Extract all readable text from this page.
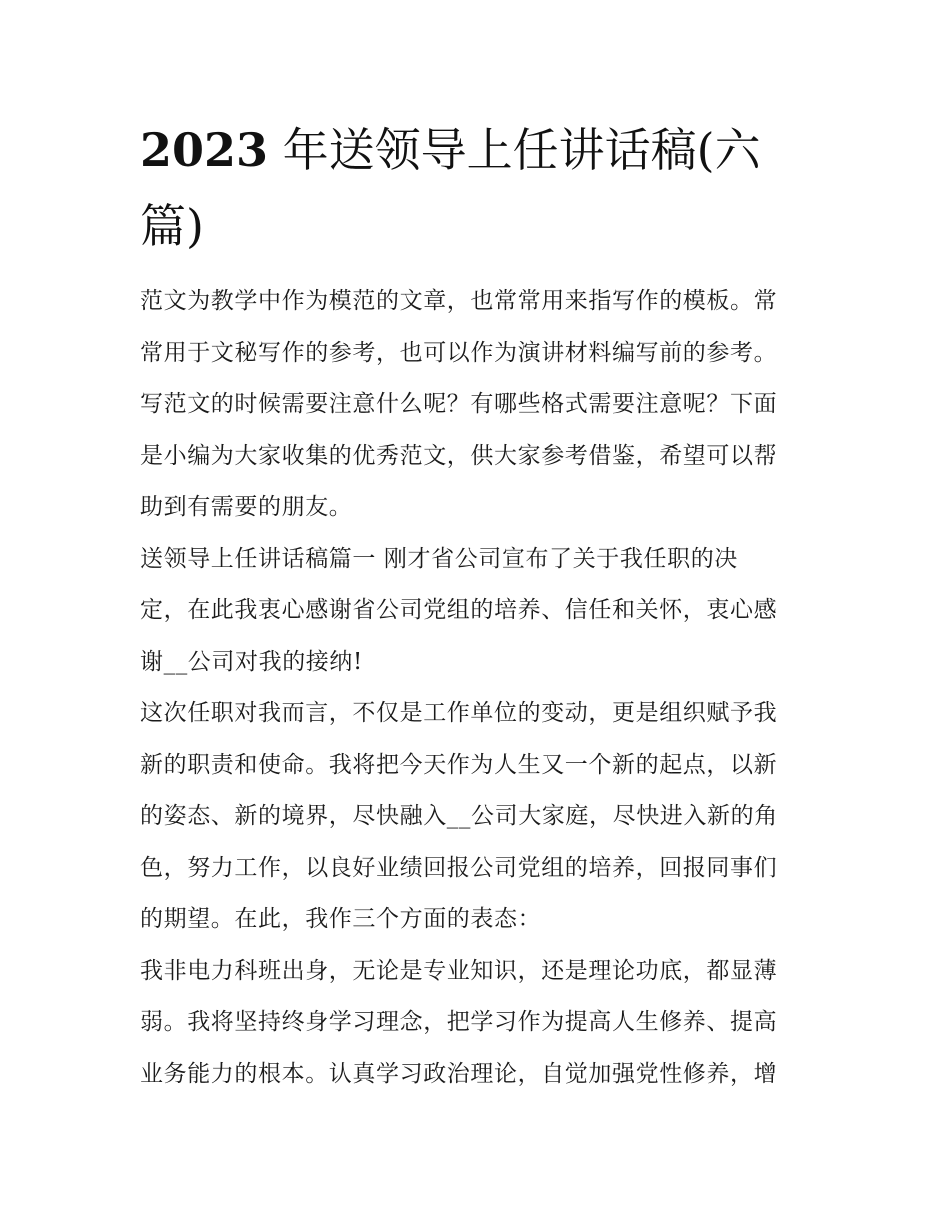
2023 年送领导上任讲话稿(六
篇)
范文为教学中作为模范的文章，也常常用来指写作的模板。常
常用于文秘写作的参考，也可以作为演讲材料编写前的参考。
写范文的时候需要注意什么呢？有哪些格式需要注意呢？下面
是小编为大家收集的优秀范文，供大家参考借鉴，希望可以帮
助到有需要的朋友。
送领导上任讲话稿篇一 刚才省公司宣布了关于我任职的决
定，在此我衷心感谢省公司党组的培养、信任和关怀，衷心感
谢__公司对我的接纳!
这次任职对我而言，不仅是工作单位的变动，更是组织赋予我
新的职责和使命。我将把今天作为人生又一个新的起点，以新
的姿态、新的境界，尽快融入__公司大家庭，尽快进入新的角
色，努力工作，以良好业绩回报公司党组的培养，回报同事们
的期望。在此，我作三个方面的表态：
我非电力科班出身，无论是专业知识，还是理论功底，都显薄
弱。我将坚持终身学习理念，把学习作为提高人生修养、提高
业务能力的根本。认真学习政治理论，自觉加强党性修养，增
